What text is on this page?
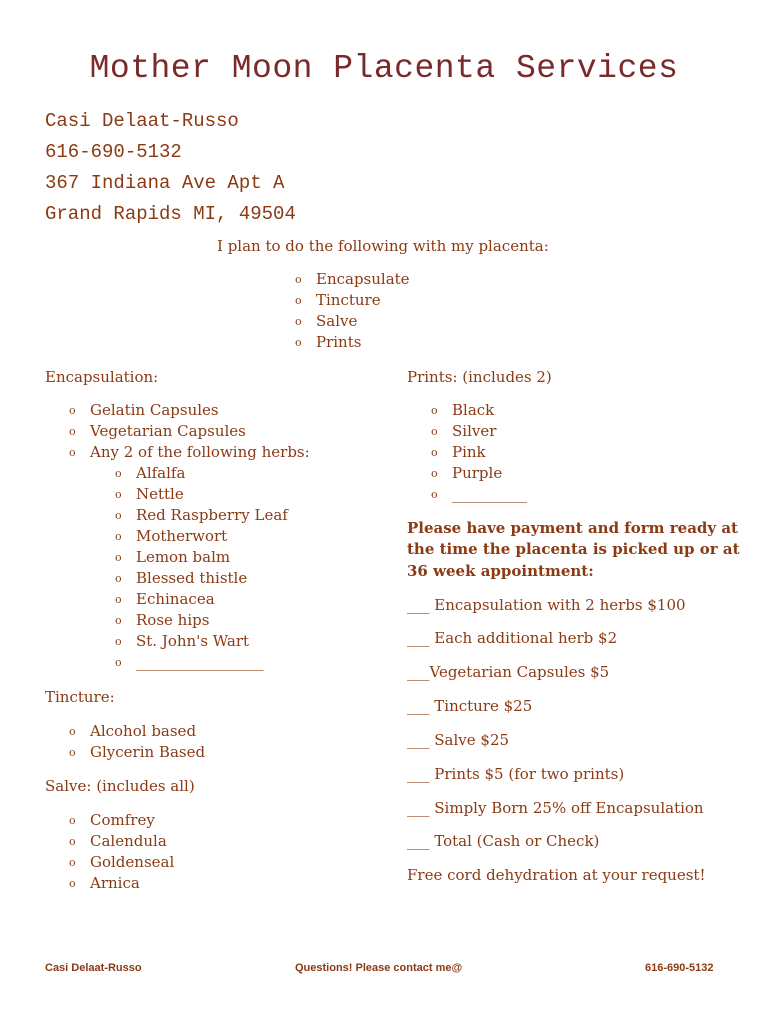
Mother Moon Placenta Services
Casi Delaat-Russo
616-690-5132
367 Indiana Ave Apt A
Grand Rapids MI, 49504
I plan to do the following with my placenta:
o Encapsulate
o Tincture
o Salve
o Prints
Encapsulation:
o Gelatin Capsules
o Vegetarian Capsules
o Any 2 of the following herbs:
o Alfalfa
o Nettle
o Red Raspberry Leaf
o Motherwort
o Lemon balm
o Blessed thistle
o Echinacea
o Rose hips
o St. John's Wart
o _________________
Tincture:
o Alcohol based
o Glycerin Based
Salve: (includes all)
o Comfrey
o Calendula
o Goldenseal
o Arnica
Prints: (includes 2)
o Black
o Silver
o Pink
o Purple
o __________
Please have payment and form ready at
the time the placenta is picked up or at
36 week appointment:
___ Encapsulation with 2 herbs $100
___ Each additional herb $2
___Vegetarian Capsules $5
___ Tincture $25
___ Salve $25
___ Prints $5 (for two prints)
___ Simply Born 25% off Encapsulation
___ Total (Cash or Check)
Free cord dehydration at your request!
Casi Delaat-Russo	Questions! Please contact me@	616-690-5132
